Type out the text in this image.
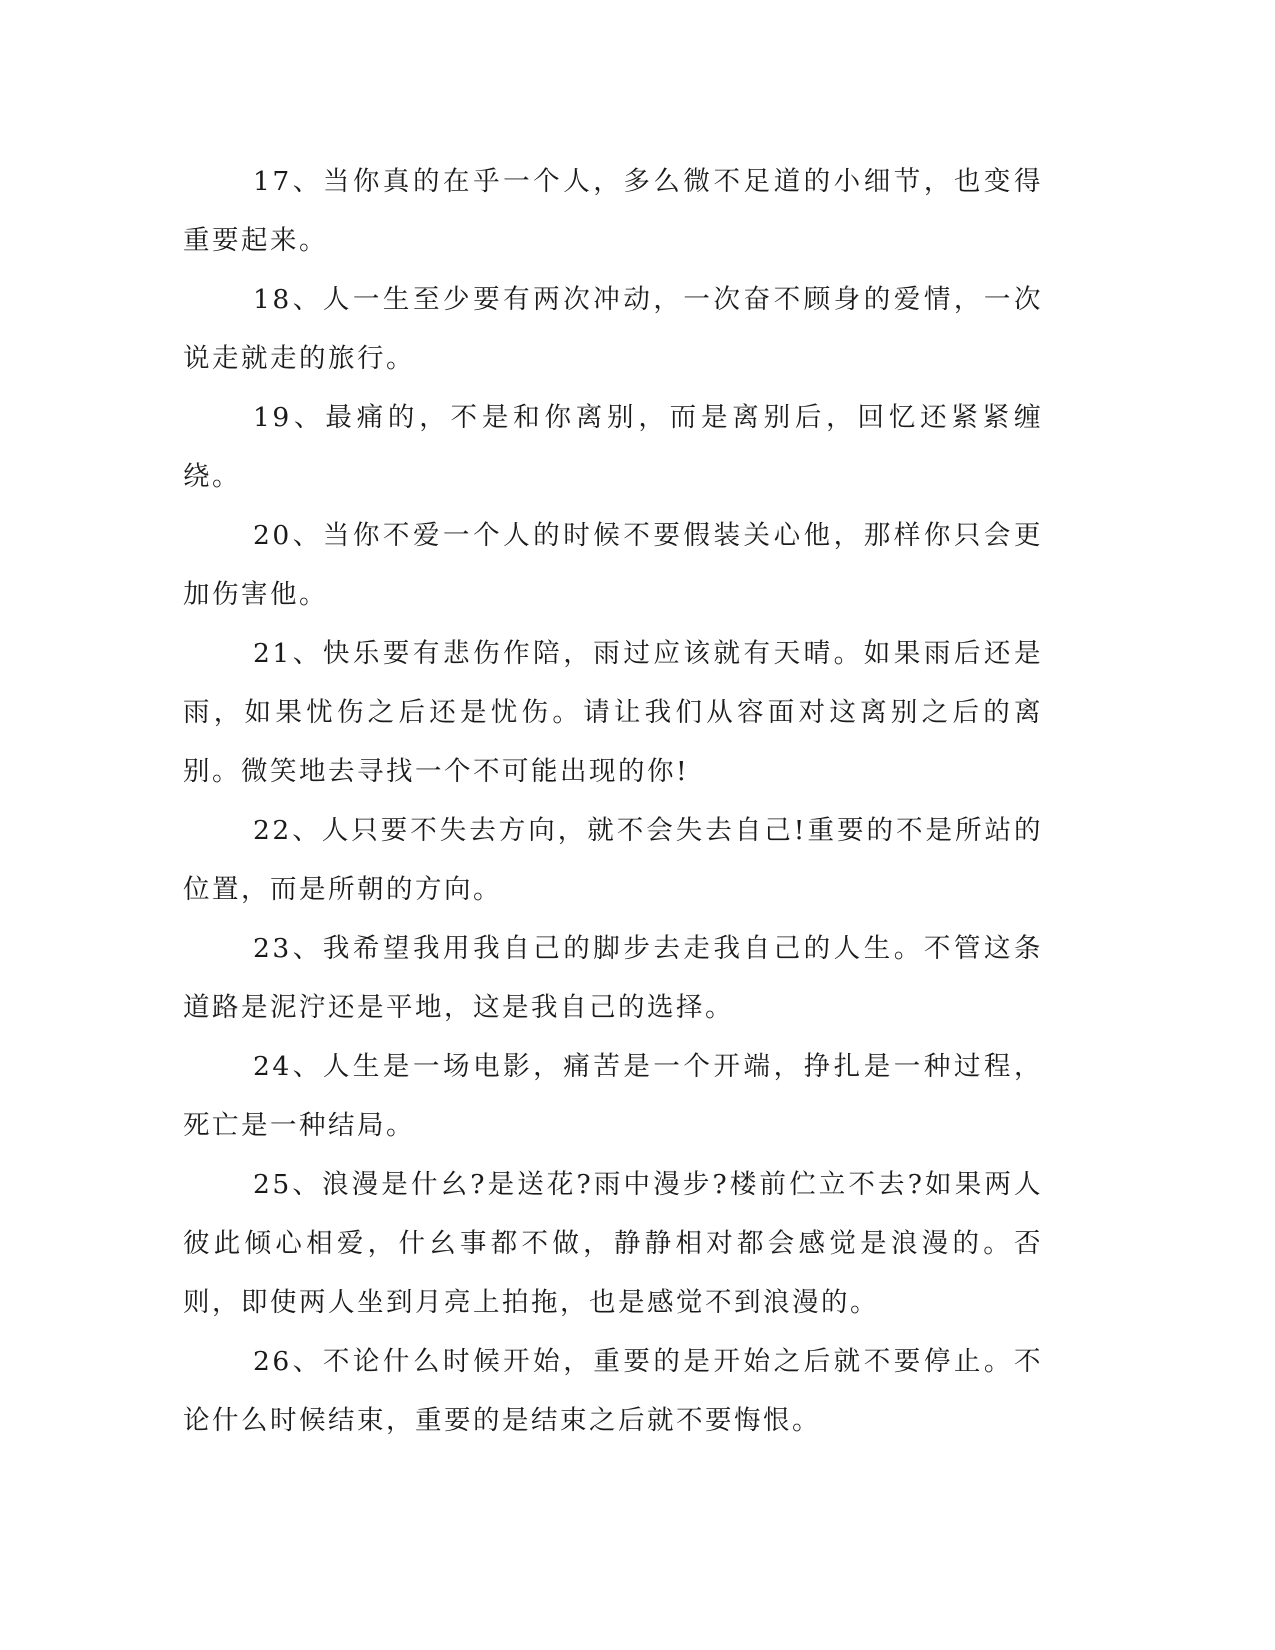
17、当你真的在乎一个人，多么微不足道的小细节，也变得重要起来。

18、人一生至少要有两次冲动，一次奋不顾身的爱情，一次说走就走的旅行。

19、最痛的，不是和你离别，而是离别后，回忆还紧紧缠绕。

20、当你不爱一个人的时候不要假装关心他，那样你只会更加伤害他。

21、快乐要有悲伤作陪，雨过应该就有天晴。如果雨后还是雨，如果忧伤之后还是忧伤。请让我们从容面对这离别之后的离别。微笑地去寻找一个不可能出现的你!

22、人只要不失去方向，就不会失去自己!重要的不是所站的位置，而是所朝的方向。

23、我希望我用我自己的脚步去走我自己的人生。不管这条道路是泥泞还是平地，这是我自己的选择。

24、人生是一场电影，痛苦是一个开端，挣扎是一种过程，死亡是一种结局。

25、浪漫是什幺?是送花?雨中漫步?楼前伫立不去?如果两人彼此倾心相爱，什幺事都不做，静静相对都会感觉是浪漫的。否则，即使两人坐到月亮上拍拖，也是感觉不到浪漫的。

26、不论什么时候开始，重要的是开始之后就不要停止。不论什么时候结束，重要的是结束之后就不要悔恨。
